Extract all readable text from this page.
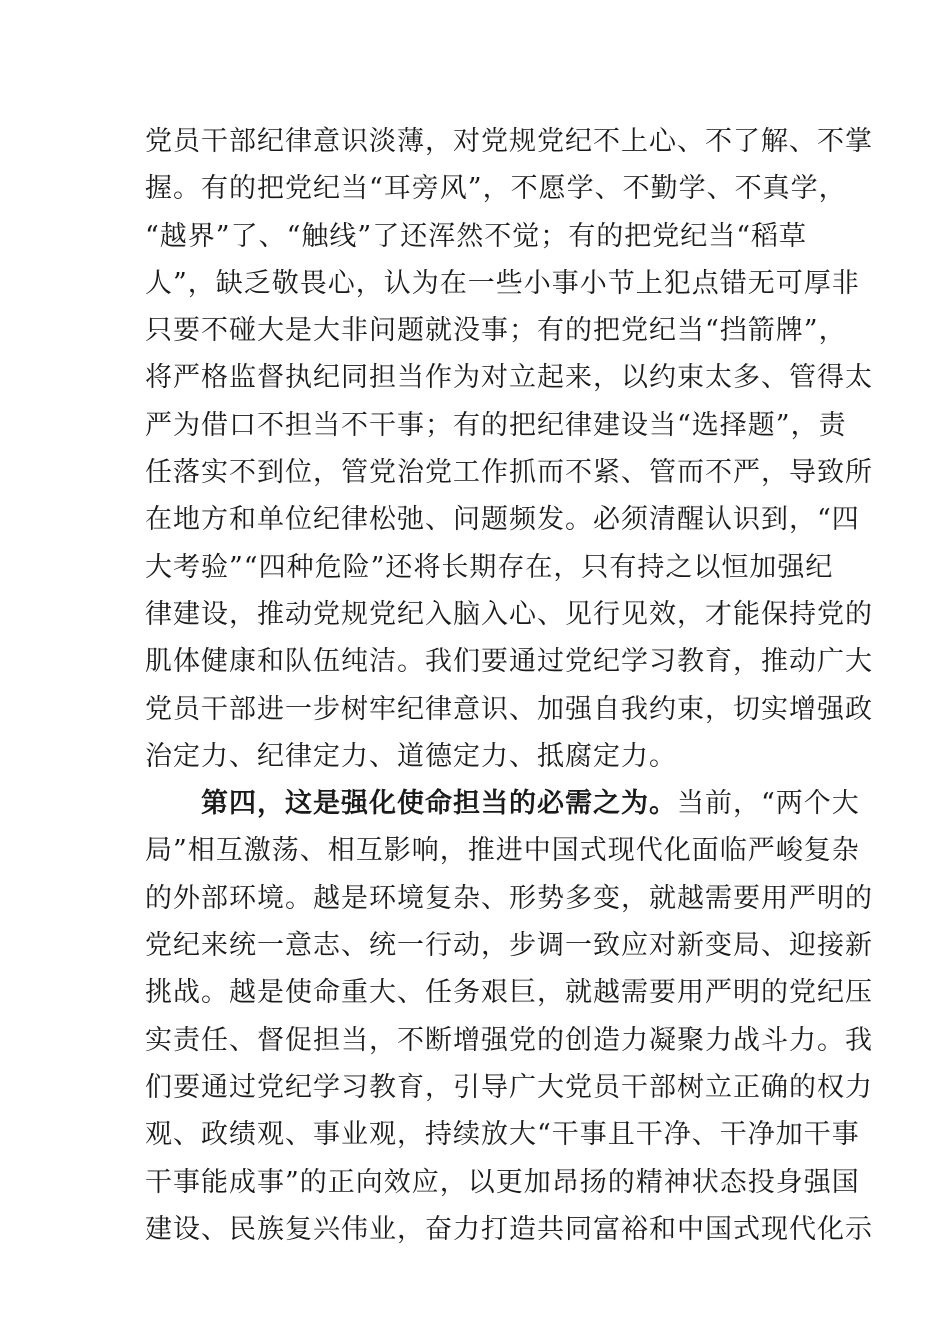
党员干部纪律意识淡薄，对党规党纪不上心、不了解、不掌
握。有的把党纪当“耳旁风”，不愿学、不勤学、不真学，
“越界”了、“触线”了还浑然不觉；有的把党纪当“稻草
人”，缺乏敬畏心，认为在一些小事小节上犯点错无可厚非
只要不碰大是大非问题就没事；有的把党纪当“挡箭牌”，
将严格监督执纪同担当作为对立起来，以约束太多、管得太
严为借口不担当不干事；有的把纪律建设当“选择题”，责
任落实不到位，管党治党工作抓而不紧、管而不严，导致所
在地方和单位纪律松弛、问题频发。必须清醒认识到，“四
大考验”“四种危险”还将长期存在，只有持之以恒加强纪
律建设，推动党规党纪入脑入心、见行见效，才能保持党的
肌体健康和队伍纯洁。我们要通过党纪学习教育，推动广大
党员干部进一步树牢纪律意识、加强自我约束，切实增强政
治定力、纪律定力、道德定力、抵腐定力。
第四，这是强化使命担当的必需之为。当前，“两个大
局”相互激荡、相互影响，推进中国式现代化面临严峻复杂
的外部环境。越是环境复杂、形势多变，就越需要用严明的
党纪来统一意志、统一行动，步调一致应对新变局、迎接新
挑战。越是使命重大、任务艰巨，就越需要用严明的党纪压
实责任、督促担当，不断增强党的创造力凝聚力战斗力。我
们要通过党纪学习教育，引导广大党员干部树立正确的权力
观、政绩观、事业观，持续放大“干事且干净、干净加干事
干事能成事”的正向效应，以更加昂扬的精神状态投身强国
建设、民族复兴伟业，奋力打造共同富裕和中国式现代化示
